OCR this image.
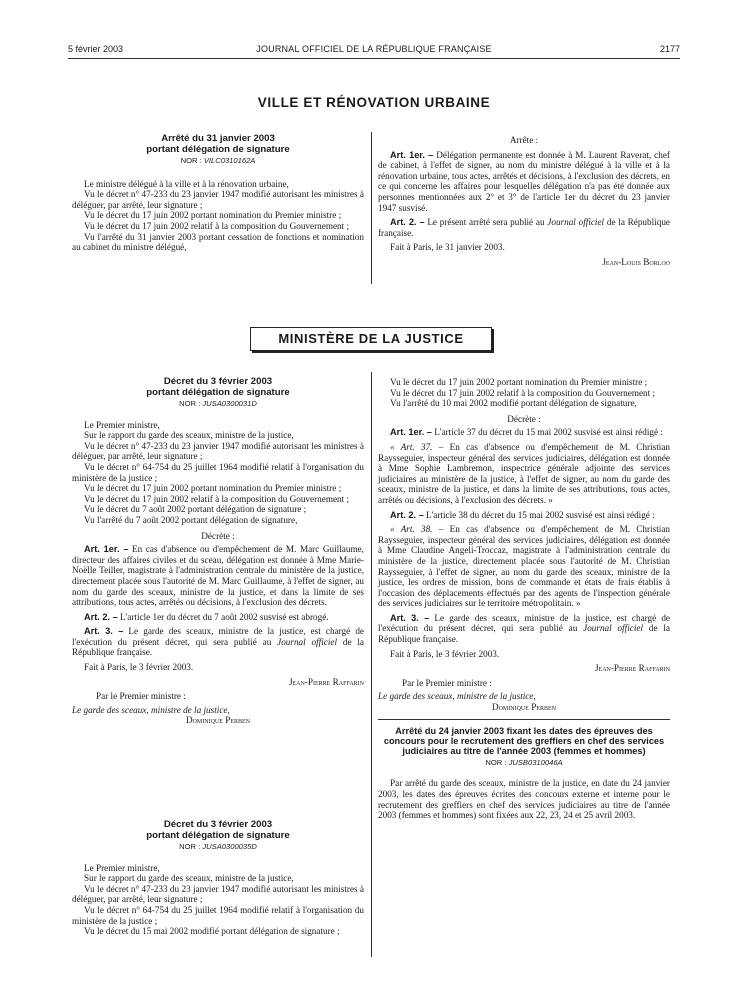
5 février 2003	JOURNAL OFFICIEL DE LA RÉPUBLIQUE FRANÇAISE	2177
VILLE ET RÉNOVATION URBAINE
Arrêté du 31 janvier 2003
portant délégation de signature
NOR : VILC0310162A

Le ministre délégué à la ville et à la rénovation urbaine,

Vu le décret n° 47-233 du 23 janvier 1947 modifié autorisant les ministres à déléguer, par arrêté, leur signature ;

Vu le décret du 17 juin 2002 portant nomination du Premier ministre ;

Vu le décret du 17 juin 2002 relatif à la composition du Gouvernement ;

Vu l'arrêté du 31 janvier 2003 portant cessation de fonctions et nomination au cabinet du ministre délégué,

Arrête :

Art. 1er. – Délégation permanente est donnée à M. Laurent Raverat, chef de cabinet, à l'effet de signer, au nom du ministre délégué à la ville et à la rénovation urbaine, tous actes, arrêtés et décisions, à l'exclusion des décrets, en ce qui concerne les affaires pour lesquelles délégation n'a pas été donnée aux personnes mentionnées aux 2° et 3° de l'article 1er du décret du 23 janvier 1947 susvisé.

Art. 2. – Le présent arrêté sera publié au Journal officiel de la République française.

Fait à Paris, le 31 janvier 2003.

Jean-Louis Borloo
MINISTÈRE DE LA JUSTICE
Décret du 3 février 2003
portant délégation de signature
NOR : JUSA0300031D

Le Premier ministre,

Sur le rapport du garde des sceaux, ministre de la justice,

Vu le décret n° 47-233 du 23 janvier 1947 modifié autorisant les ministres à déléguer, par arrêté, leur signature ;

Vu le décret n° 64-754 du 25 juillet 1964 modifié relatif à l'organisation du ministère de la justice ;

Vu le décret du 17 juin 2002 portant nomination du Premier ministre ;

Vu le décret du 17 juin 2002 relatif à la composition du Gouvernement ;

Vu le décret du 7 août 2002 portant délégation de signature ;

Vu l'arrêté du 7 août 2002 portant délégation de signature,

Décrète :

Art. 1er. – En cas d'absence ou d'empêchement de M. Marc Guillaume, directeur des affaires civiles et du sceau, délégation est donnée à Mme Marie-Noëlle Teiller, magistrate à l'administration centrale du ministère de la justice, directement placée sous l'autorité de M. Marc Guillaume, à l'effet de signer, au nom du garde des sceaux, ministre de la justice, et dans la limite de ses attributions, tous actes, arrêtés ou décisions, à l'exclusion des décrets.

Art. 2. – L'article 1er du décret du 7 août 2002 susvisé est abrogé.

Art. 3. – Le garde des sceaux, ministre de la justice, est chargé de l'exécution du présent décret, qui sera publié au Journal officiel de la République française.

Fait à Paris, le 3 février 2003.

Jean-Pierre Raffarin

Par le Premier ministre :

Le garde des sceaux, ministre de la justice,

Dominique Perben
Décret du 3 février 2003
portant délégation de signature
NOR : JUSA0300035D

Le Premier ministre,

Sur le rapport du garde des sceaux, ministre de la justice,

Vu le décret n° 47-233 du 23 janvier 1947 modifié autorisant les ministres à déléguer, par arrêté, leur signature ;

Vu le décret n° 64-754 du 25 juillet 1964 modifié relatif à l'organisation du ministère de la justice ;

Vu le décret du 15 mai 2002 modifié portant délégation de signature ;

Vu le décret du 17 juin 2002 portant nomination du Premier ministre ;

Vu le décret du 17 juin 2002 relatif à la composition du Gouvernement ;

Vu l'arrêté du 10 mai 2002 modifié portant délégation de signature,

Décrète :

Art. 1er. – L'article 37 du décret du 15 mai 2002 susvisé est ainsi rédigé :

« Art. 37. – En cas d'absence ou d'empêchement de M. Christian Raysseguier, inspecteur général des services judiciaires, délégation est donnée à Mme Sophie Lambremon, inspectrice générale adjointe des services judiciaires au ministère de la justice, à l'effet de signer, au nom du garde des sceaux, ministre de la justice, et dans la limite de ses attributions, tous actes, arrêtés ou décisions, à l'exclusion des décrets. »

Art. 2. – L'article 38 du décret du 15 mai 2002 susvisé est ainsi rédigé :

« Art. 38. – En cas d'absence ou d'empêchement de M. Christian Raysseguier, inspecteur général des services judiciaires, délégation est donnée à Mme Claudine Angeli-Troccaz, magistrate à l'administration centrale du ministère de la justice, directement placée sous l'autorité de M. Christian Raysseguier, à l'effet de signer, au nom du garde des sceaux, ministre de la justice, les ordres de mission, bons de commande et états de frais établis à l'occasion des déplacements effectués par des agents de l'inspection générale des services judiciaires sur le territoire métropolitain. »

Art. 3. – Le garde des sceaux, ministre de la justice, est chargé de l'exécution du présent décret, qui sera publié au Journal officiel de la République française.

Fait à Paris, le 3 février 2003.

Jean-Pierre Raffarin

Par le Premier ministre :

Le garde des sceaux, ministre de la justice,

Dominique Perben
Arrêté du 24 janvier 2003 fixant les dates des épreuves des concours pour le recrutement des greffiers en chef des services judiciaires au titre de l'année 2003 (femmes et hommes)
NOR : JUSB0310046A

Par arrêté du garde des sceaux, ministre de la justice, en date du 24 janvier 2003, les dates des épreuves écrites des concours externe et interne pour le recrutement des greffiers en chef des services judiciaires au titre de l'année 2003 (femmes et hommes) sont fixées aux 22, 23, 24 et 25 avril 2003.
